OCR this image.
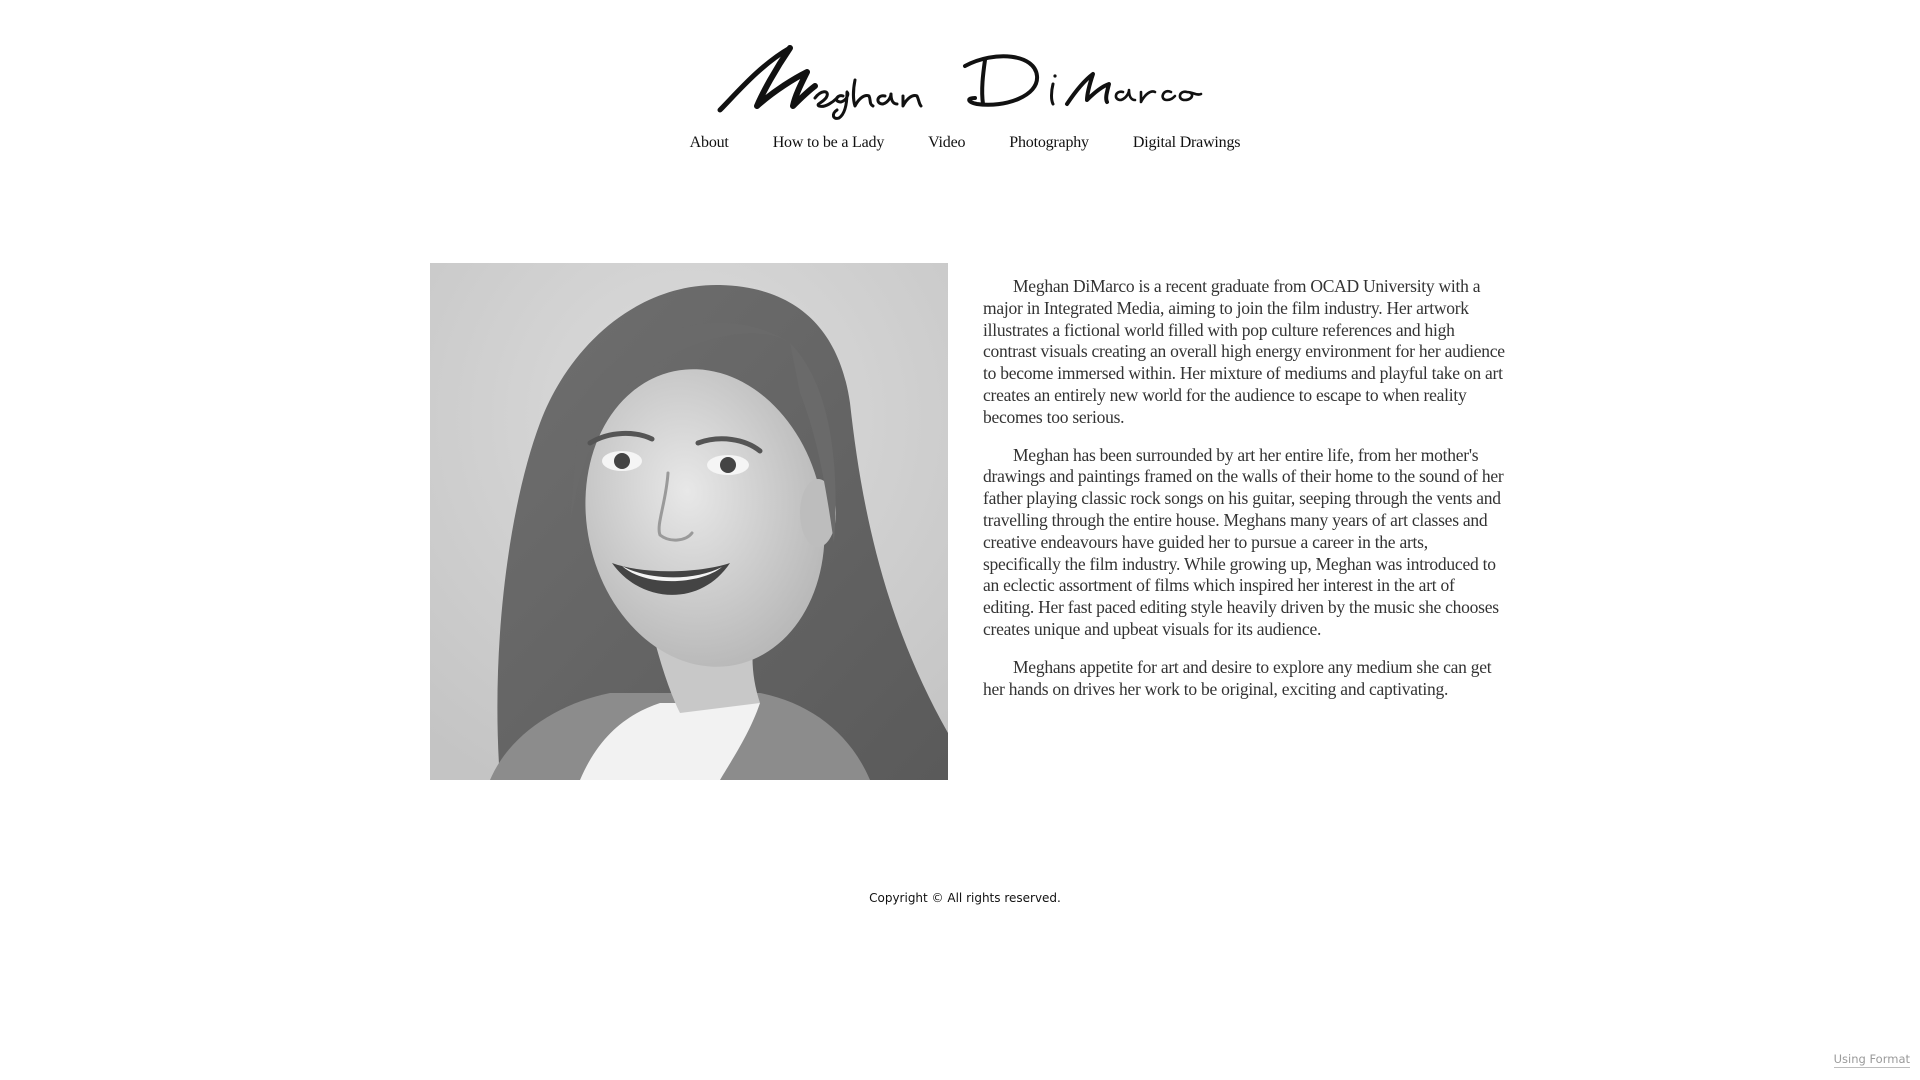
About	How to be a Lady	Video	Photography	Digital Drawings

Meghan DiMarco is a recent graduate from OCAD University with a major in Integrated Media, aiming to join the film industry. Her artwork illustrates a fictional world filled with pop culture references and high contrast visuals creating an overall high energy environment for her audience to become immersed within. Her mixture of mediums and playful take on art creates an entirely new world for the audience to escape to when reality becomes too serious.

Meghan has been surrounded by art her entire life, from her mother's drawings and paintings framed on the walls of their home to the sound of her father playing classic rock songs on his guitar, seeping through the vents and travelling through the entire house. Meghans many years of art classes and creative endeavours have guided her to pursue a career in the arts, specifically the film industry. While growing up, Meghan was introduced to an eclectic assortment of films which inspired her interest in the art of editing. Her fast paced editing style heavily driven by the music she chooses creates unique and upbeat visuals for its audience.

Meghans appetite for art and desire to explore any medium she can get her hands on drives her work to be original, exciting and captivating.

Copyright © All rights reserved.
Using Format
